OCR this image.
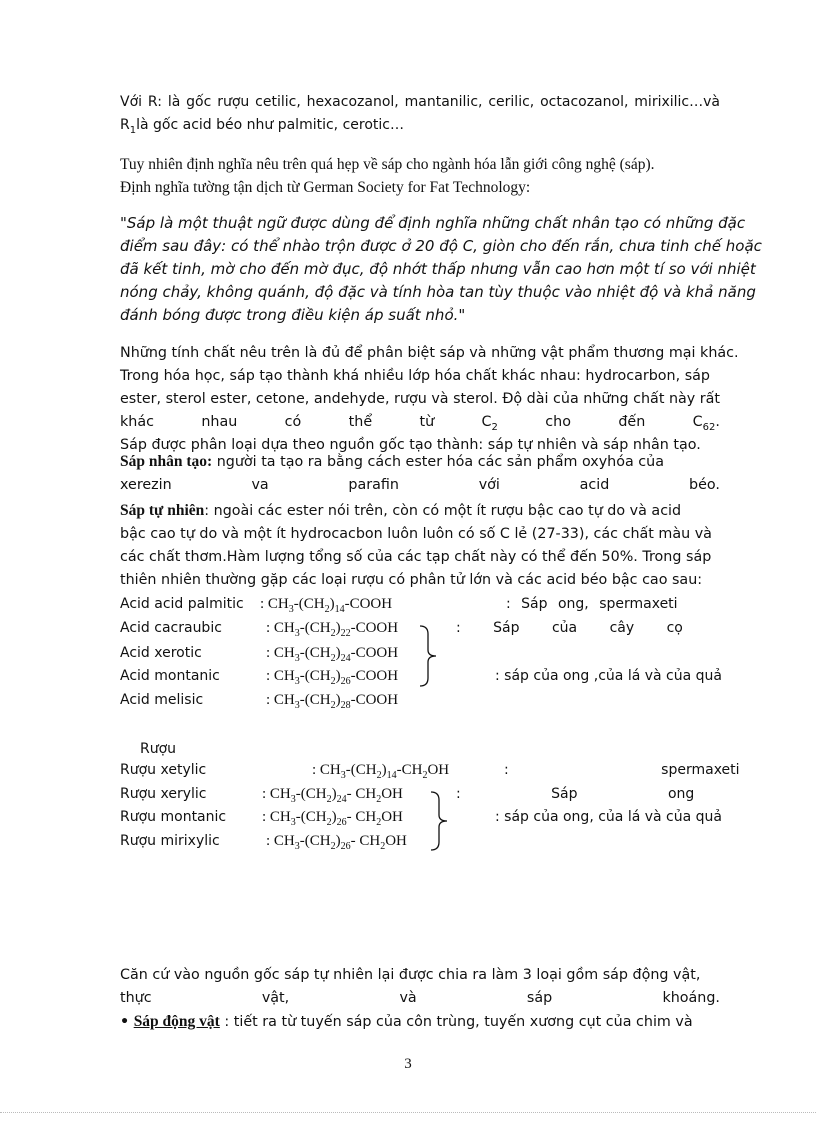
Với R: là gốc rượu cetilic, hexacozanol, mantanilic, cerilic, octacozanol, mirixilic…và
$R_1là$ gốc acid béo như palmitic, cerotic…
Tuy nhiên định nghĩa nêu trên quá hẹp về sáp cho ngành hóa lẫn giới công nghệ (sáp).
Định nghĩa tường tận dịch từ German Society for Fat Technology:
"Sáp là một thuật ngữ được dùng để định nghĩa những chất nhân tạo có những đặc
điểm sau đây: có thể nhào trộn được ở 20 độ C, giòn cho đến rắn, chưa tinh chế hoặc
đã kết tinh, mờ cho đến mờ đục, độ nhớt thấp nhưng vẫn cao hơn một tí so với nhiệt
nóng chảy, không quánh, độ đặc và tính hòa tan tùy thuộc vào nhiệt độ và khả năng
đánh bóng được trong điều kiện áp suất nhỏ."
Những tính chất nêu trên là đủ để phân biệt sáp và những vật phẩm thương mại khác.
Trong hóa học, sáp tạo thành khá nhiều lớp hóa chất khác nhau: hydrocarbon, sáp
ester, sterol ester, cetone, andehyde, rượu và sterol. Độ dài của những chất này rất
khác	nhau	có	thể	từ	$C_2$	cho	đến	$C_{62}$.
Sáp được phân loại dựa theo nguồn gốc tạo thành: sáp tự nhiên và sáp nhân tạo.
Sáp nhân tạo: người ta tạo ra bằng cách ester hóa các sản phẩm oxyhóa của
xerezin	va	parafin	với	acid	béo.
Sáp tự nhiên: ngoài các ester nói trên, còn có một ít rượu bậc cao tự do và acid
bậc cao tự do và một ít hydrocacbon luôn luôn có số C lẻ (27-33), các chất màu và
các chất thơm.Hàm lượng tổng số của các tạp chất này có thể đến 50%. Trong sáp
thiên nhiên thường gặp các loại rượu có phân tử lớn và các acid béo bậc cao sau:
Acid acid palmitic : $CH_3-(CH_2)_{14}$-COOH	: Sáp ong, spermaxeti
Acid cacraubic	: $CH_3-(CH_2)_{22}$-COOH	: Sáp của cây cọ
Acid xerotic	: $CH_3-(CH_2)_{24}$-COOH
Acid montanic	: $CH_3-(CH_2)_{26}$-COOH	: sáp của ong ,của lá và của quả
Acid melisic	: $CH_3-(CH_2)_{28}$-COOH
Rượu
Rượu xetylic	: $CH_3-(CH_2)_{14}-CH_2OH$	: spermaxeti
Rượu xerylic	: $CH_3-(CH_2)_{24}-$ $CH_2OH$	: Sáp ong
Rượu montanic : $CH_3-(CH_2)_{26}-$ $CH_2OH$	: sáp của ong, của lá và của quả
Rượu mirixylic	: $CH_3-(CH_2)_{26}-$ $CH_2OH$
Căn cứ vào nguồn gốc sáp tự nhiên lại được chia ra làm 3 loại gồm sáp động vật,
thực	vật,	và	sáp	khoáng.
• Sáp động vật : tiết ra từ tuyến sáp của côn trùng, tuyến xương cụt của chim và
3
